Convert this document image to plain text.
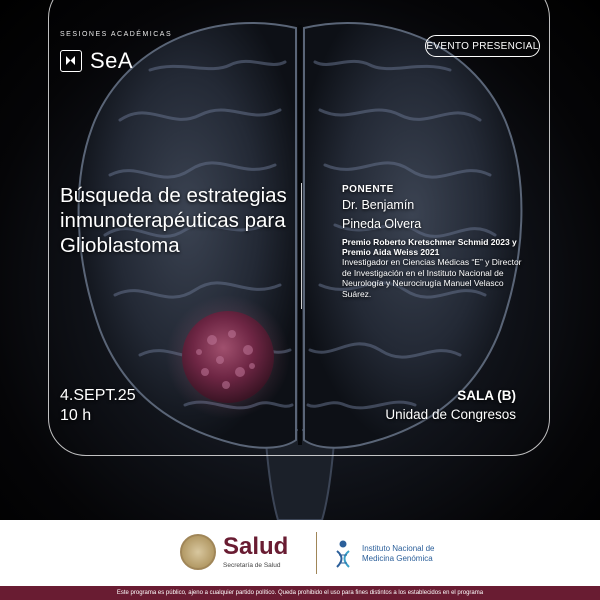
SESIONES ACADÉMICAS
SeA
EVENTO PRESENCIAL
Búsqueda de estrategias inmunoterapéuticas para Glioblastoma
PONENTE
Dr. Benjamín
Pineda Olvera
Premio Roberto Kretschmer Schmid 2023 y Premio Aida Weiss 2021
Investigador en Ciencias Médicas “E” y Director de Investigación en el Instituto Nacional de Neurología y Neurocirugía Manuel Velasco Suárez.
4.SEPT.25
10 h
SALA (B)
Unidad de Congresos
Salud
Secretaría de Salud
Instituto Nacional de
Medicina Genómica
Este programa es público, ajeno a cualquier partido político. Queda prohibido el uso para fines distintos a los establecidos en el programa
